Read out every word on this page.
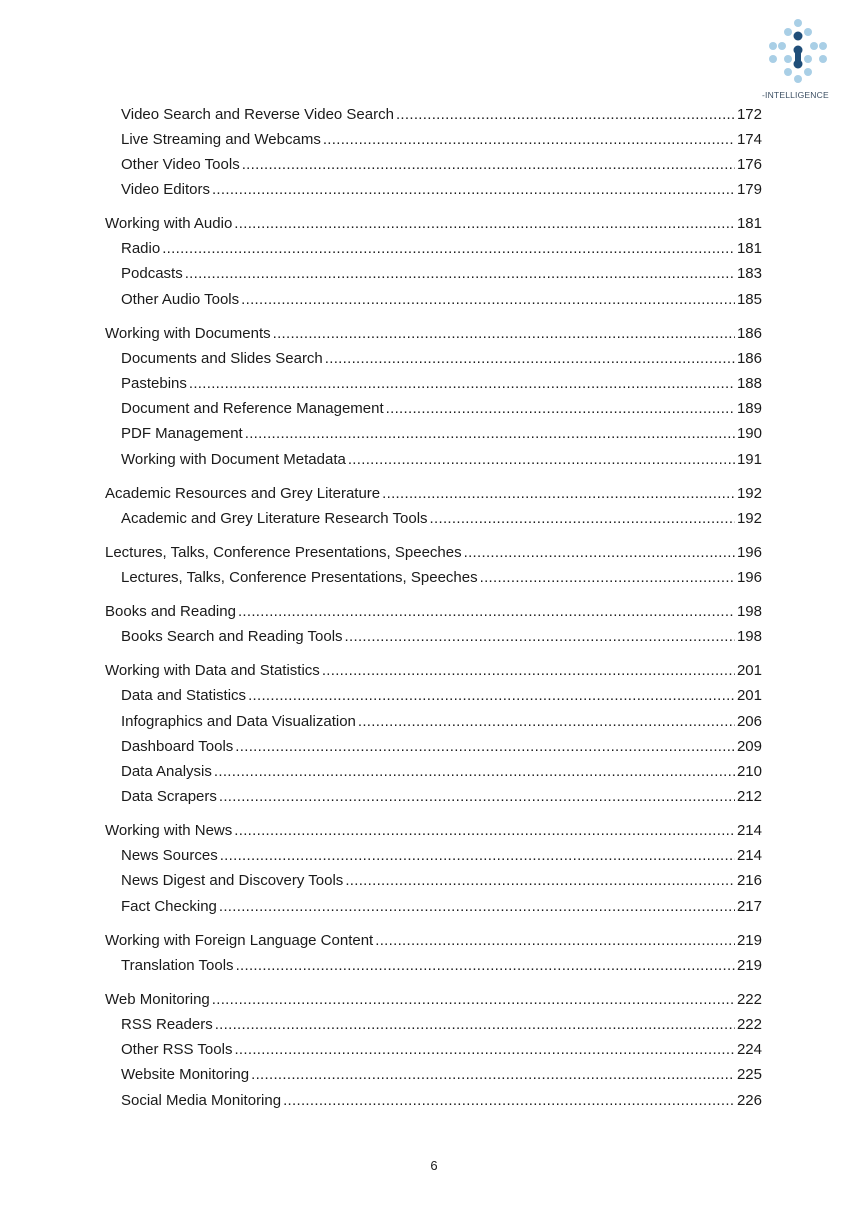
-INTELLIGENCE
Video Search and Reverse Video Search .....	172
Live Streaming and Webcams .....	174
Other Video Tools .....	176
Video Editors .....	179
Working with Audio .....	181
Radio .....	181
Podcasts .....	183
Other Audio Tools .....	185
Working with Documents .....	186
Documents and Slides Search .....	186
Pastebins .....	188
Document and Reference Management .....	189
PDF Management .....	190
Working with Document Metadata .....	191
Academic Resources and Grey Literature .....	192
Academic and Grey Literature Research Tools .....	192
Lectures, Talks, Conference Presentations, Speeches .....	196
Lectures, Talks, Conference Presentations, Speeches .....	196
Books and Reading .....	198
Books Search and Reading Tools .....	198
Working with Data and Statistics .....	201
Data and Statistics .....	201
Infographics and Data Visualization .....	206
Dashboard Tools .....	209
Data Analysis .....	210
Data Scrapers .....	212
Working with News .....	214
News Sources .....	214
News Digest and Discovery Tools .....	216
Fact Checking .....	217
Working with Foreign Language Content .....	219
Translation Tools .....	219
Web Monitoring .....	222
RSS Readers .....	222
Other RSS Tools .....	224
Website Monitoring .....	225
Social Media Monitoring .....	226
6
